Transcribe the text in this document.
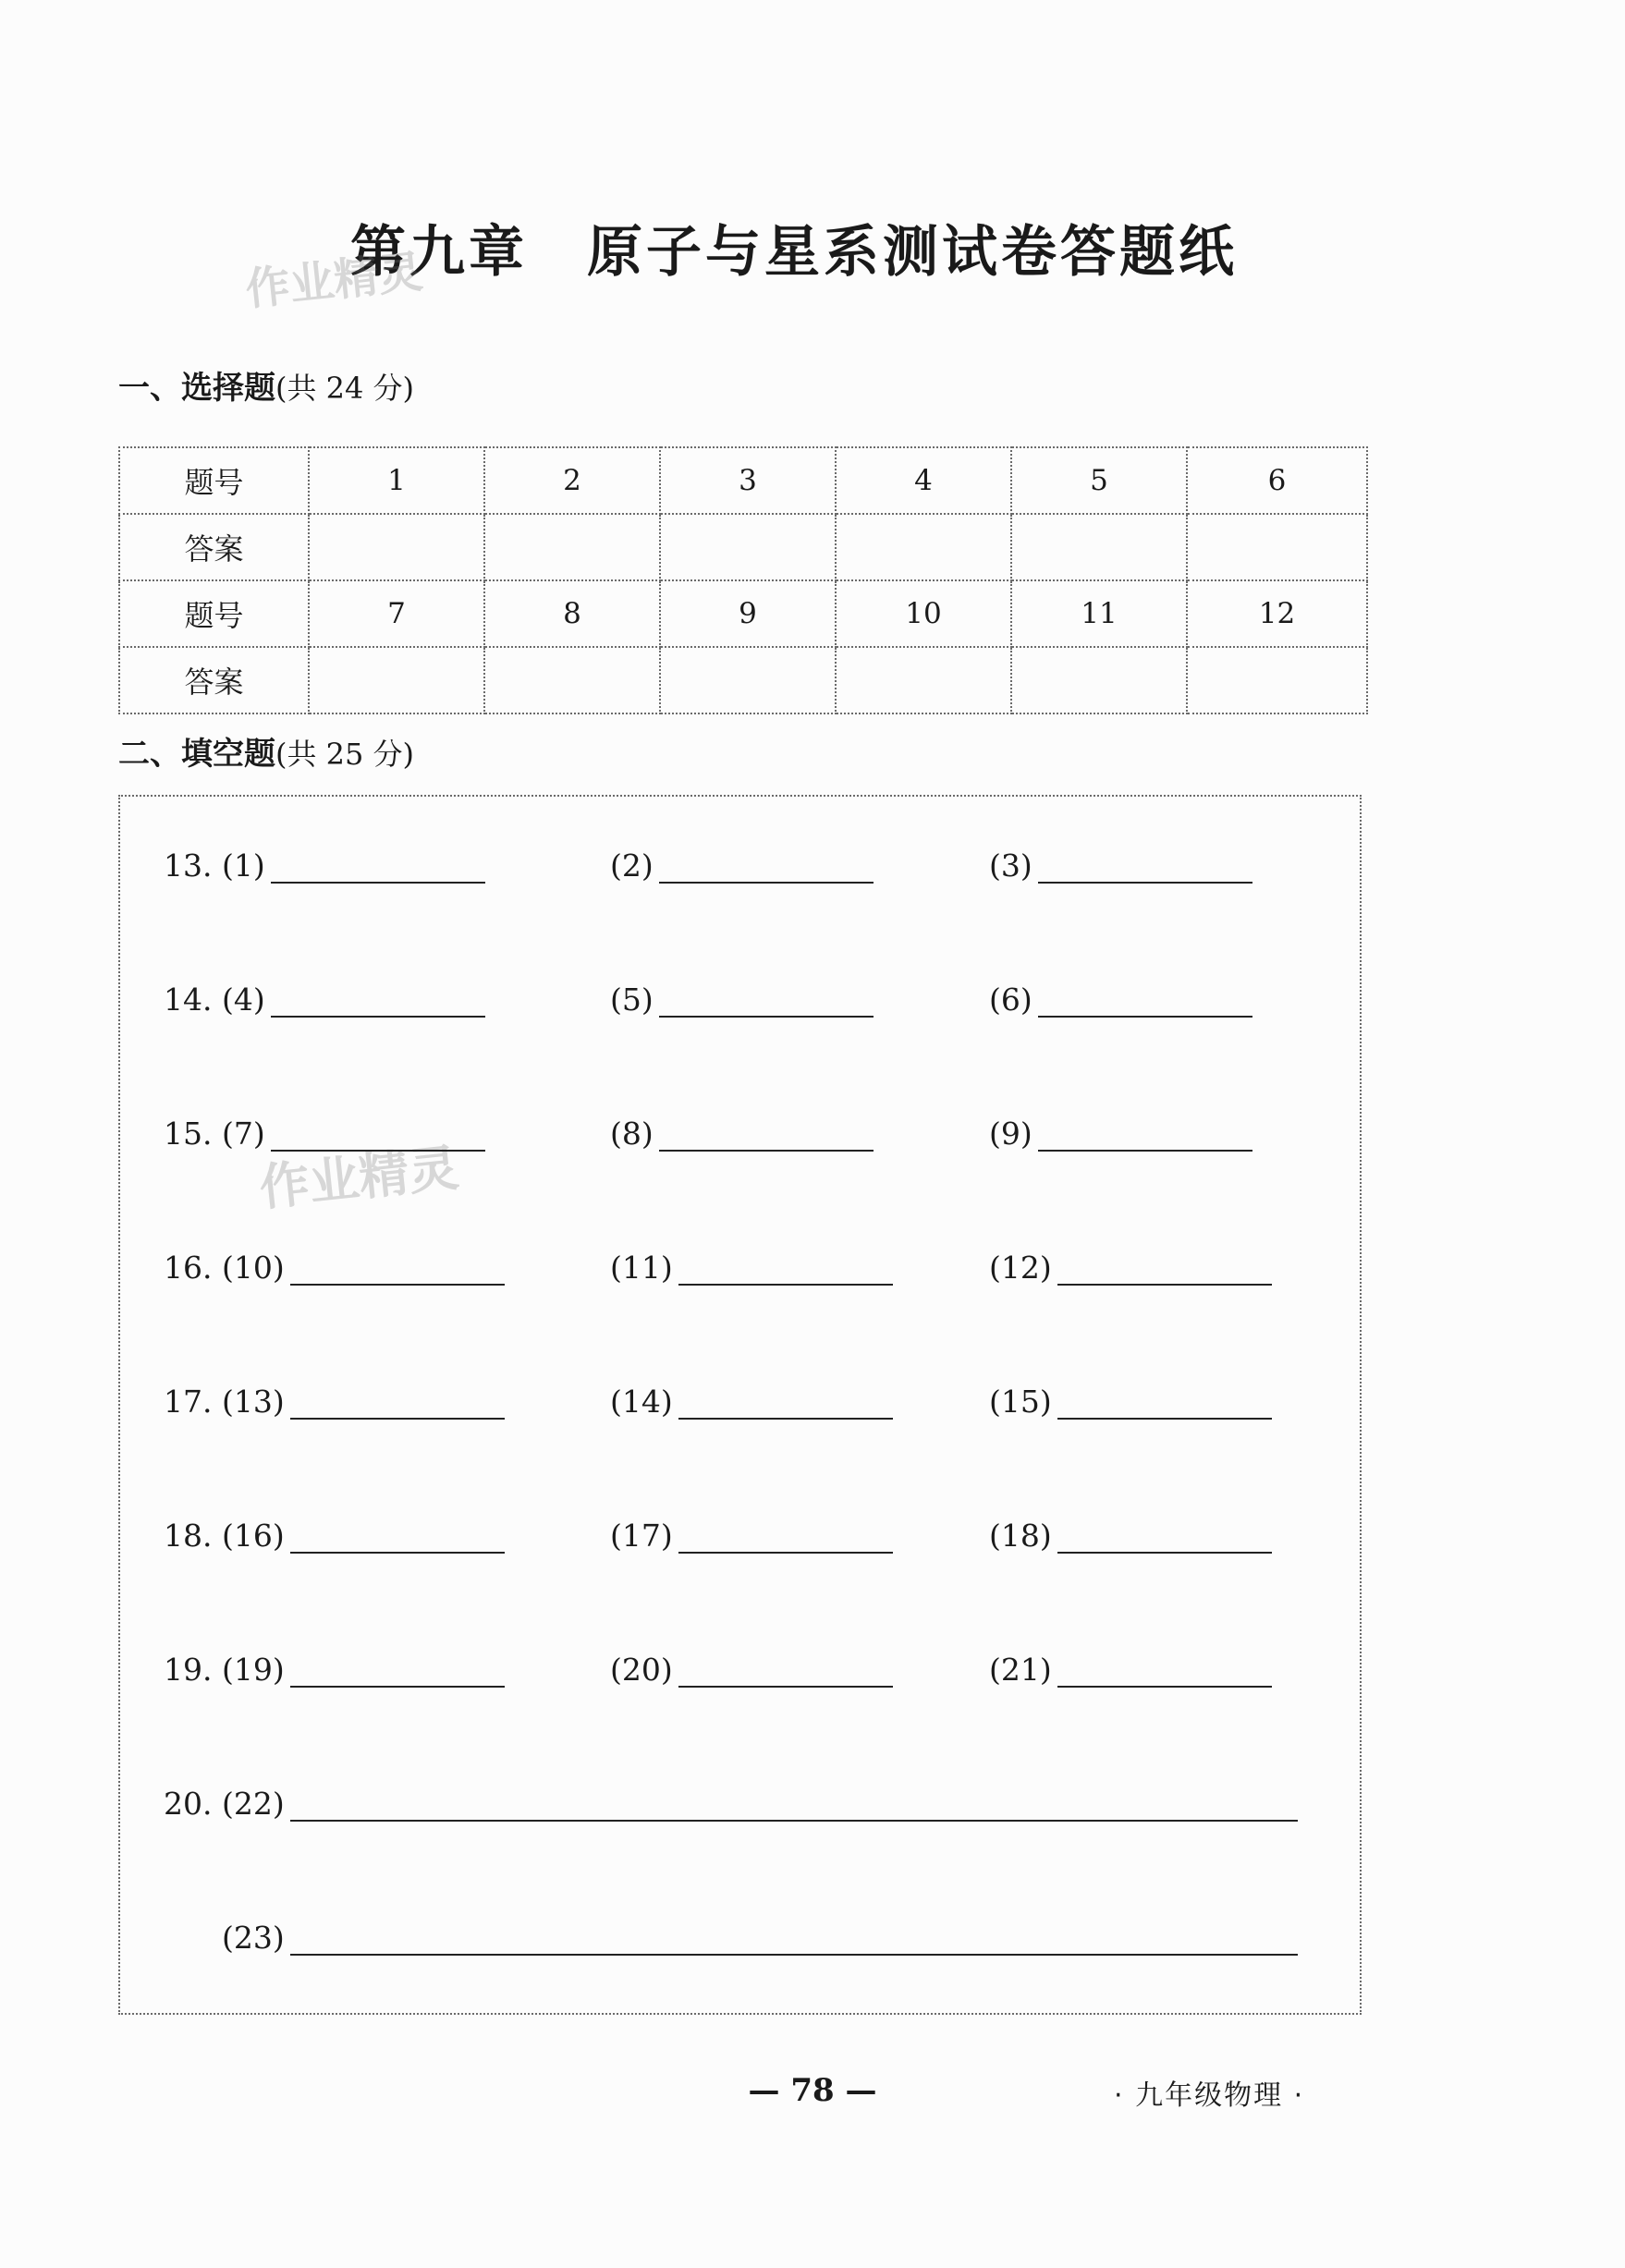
第九章　原子与星系测试卷答题纸
作业精灵
一、选择题(共 24 分)
题号	1	2	3	4	5	6
答案						
题号	7	8	9	10	11	12
答案						
二、填空题(共 25 分)
作业精灵
13. (1)	(2)	(3)
14. (4)	(5)	(6)
15. (7)	(8)	(9)
16. (10)	(11)	(12)
17. (13)	(14)	(15)
18. (16)	(17)	(18)
19. (19)	(20)	(21)
20. (22)
(23)
— 78 —	· 九年级物理 ·
